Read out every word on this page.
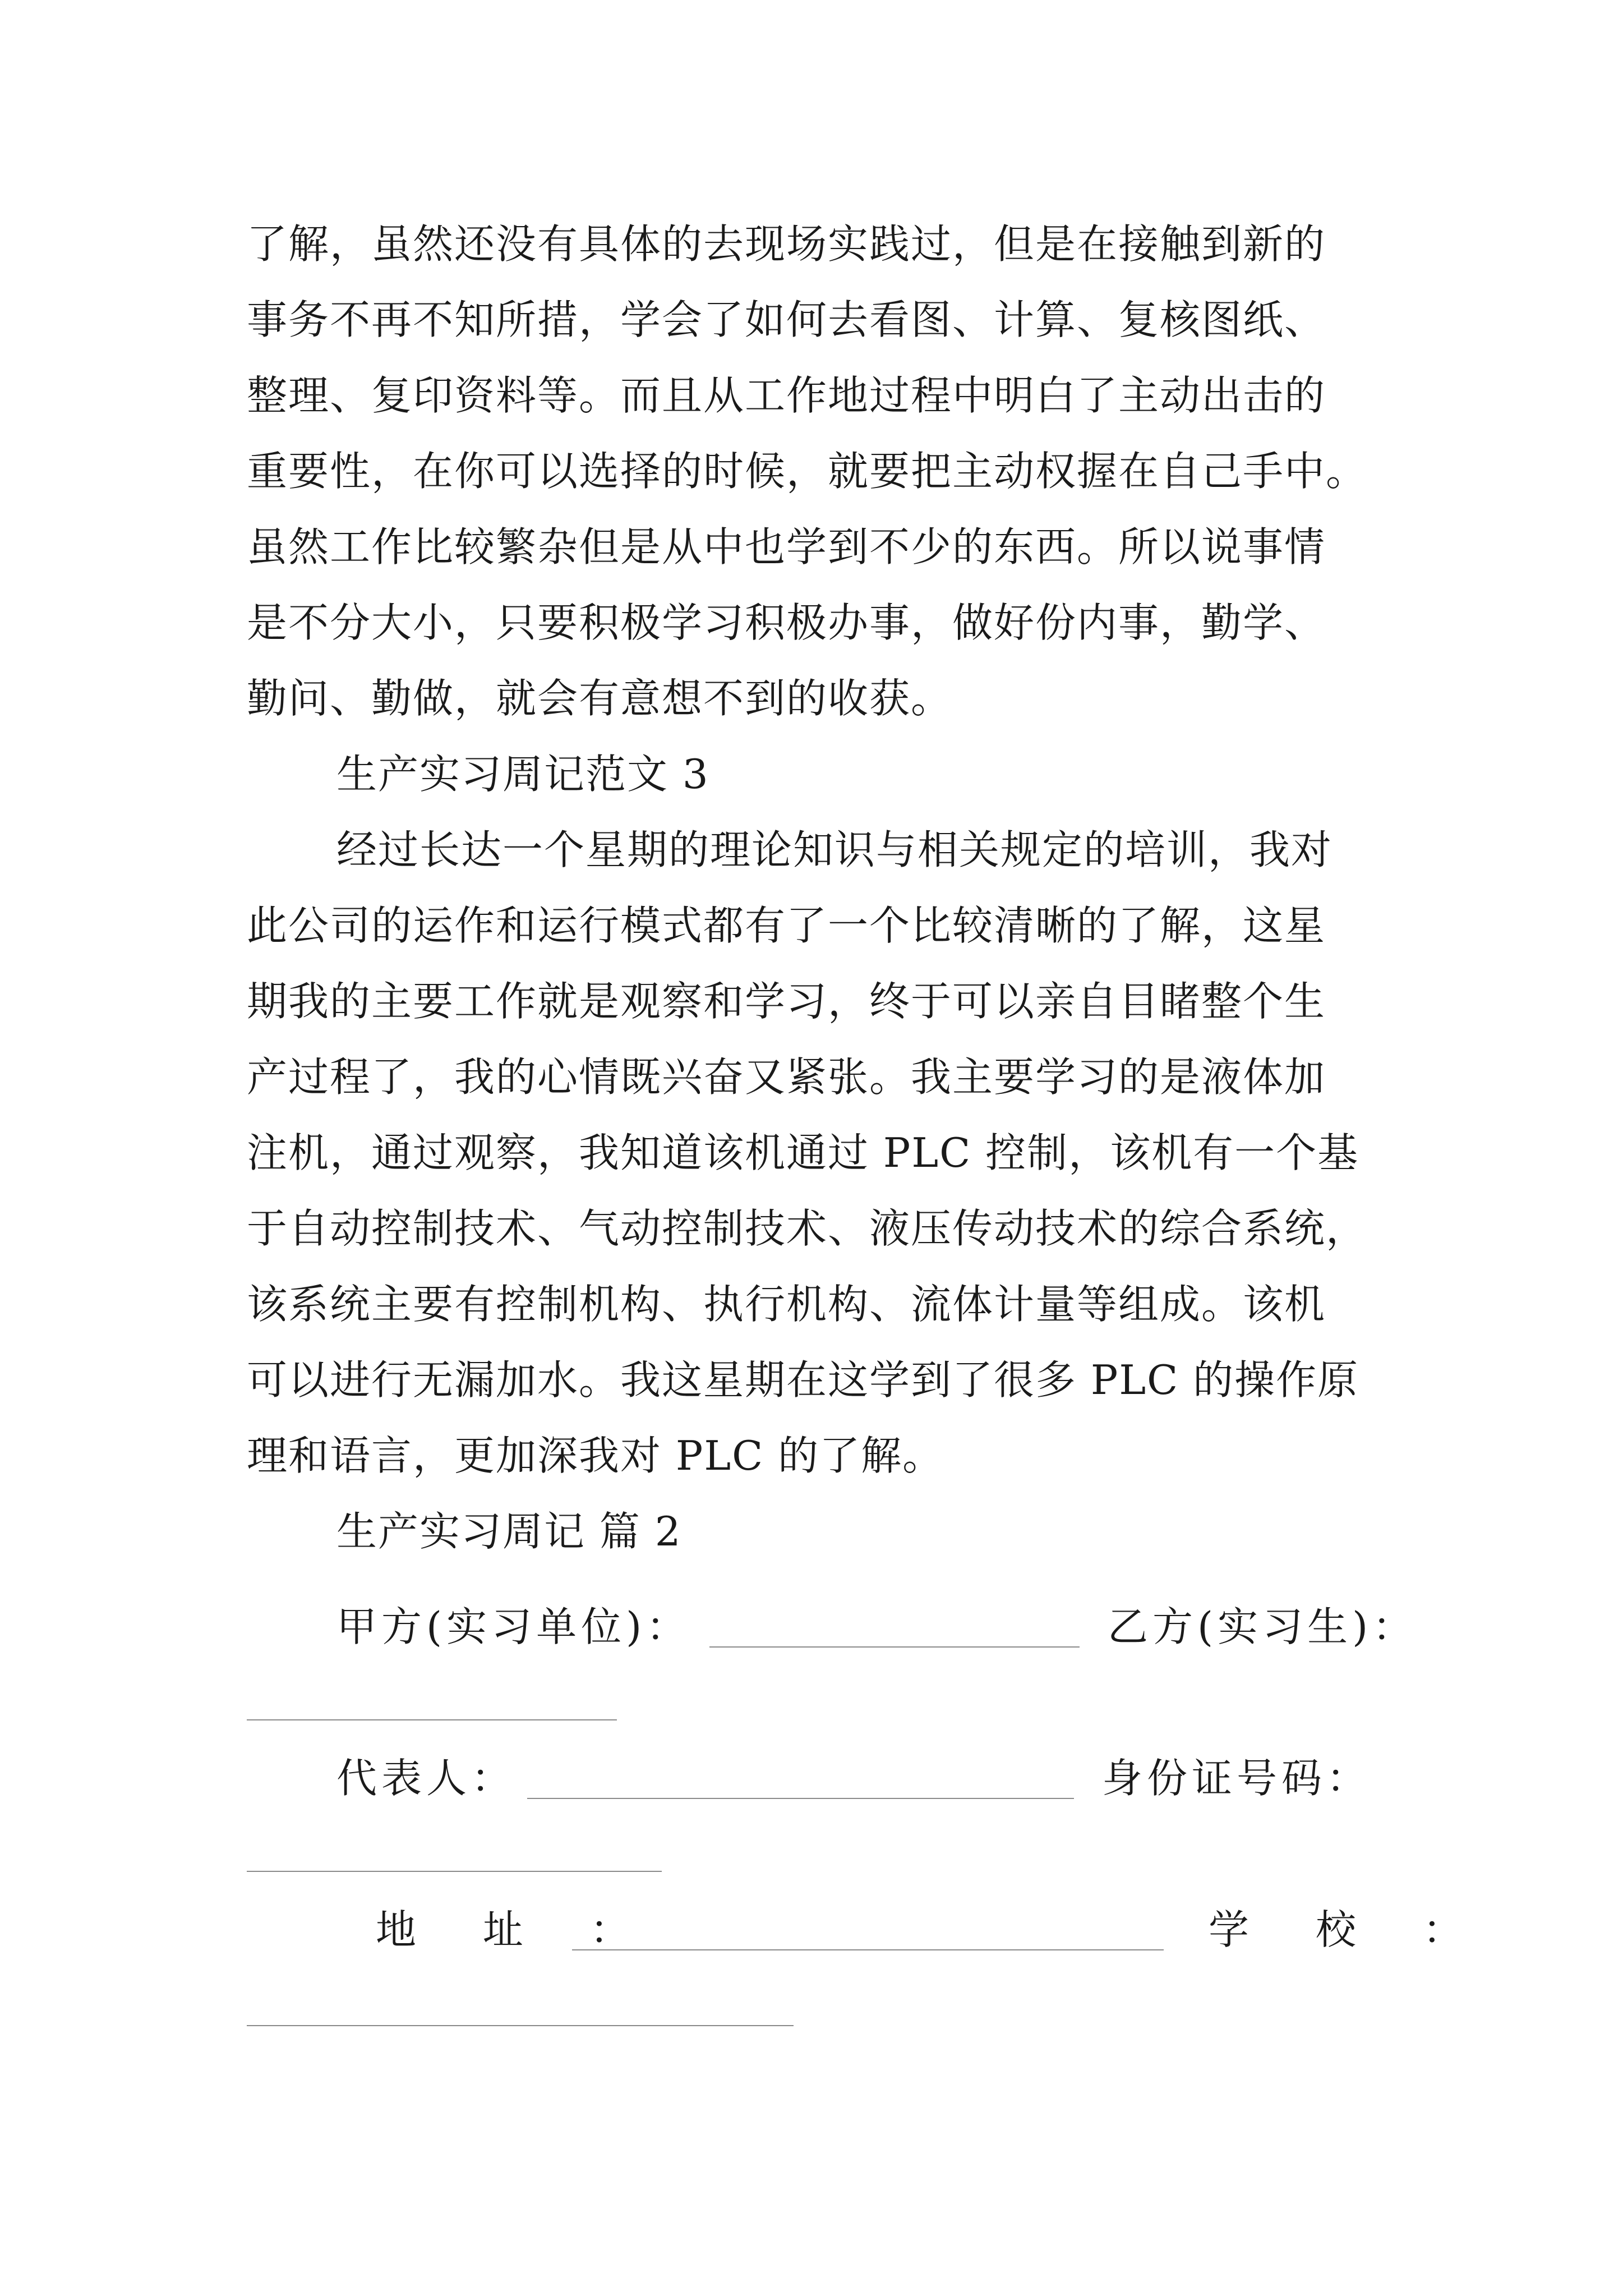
了解，虽然还没有具体的去现场实践过，但是在接触到新的
事务不再不知所措，学会了如何去看图、计算、复核图纸、
整理、复印资料等。而且从工作地过程中明白了主动出击的
重要性，在你可以选择的时候，就要把主动权握在自己手中。
虽然工作比较繁杂但是从中也学到不少的东西。所以说事情
是不分大小，只要积极学习积极办事，做好份内事，勤学、
勤问、勤做，就会有意想不到的收获。
生产实习周记范文 3
经过长达一个星期的理论知识与相关规定的培训，我对
此公司的运作和运行模式都有了一个比较清晰的了解，这星
期我的主要工作就是观察和学习，终于可以亲自目睹整个生
产过程了，我的心情既兴奋又紧张。我主要学习的是液体加
注机，通过观察，我知道该机通过 PLC 控制，该机有一个基
于自动控制技术、气动控制技术、液压传动技术的综合系统，
该系统主要有控制机构、执行机构、流体计量等组成。该机
可以进行无漏加水。我这星期在这学到了很多 PLC 的操作原
理和语言，更加深我对 PLC 的了解。
生产实习周记 篇 2
甲方(实习单位)：	乙方(实习生)：
代表人：	身份证号码：
地 址 ：	学 校 ：
